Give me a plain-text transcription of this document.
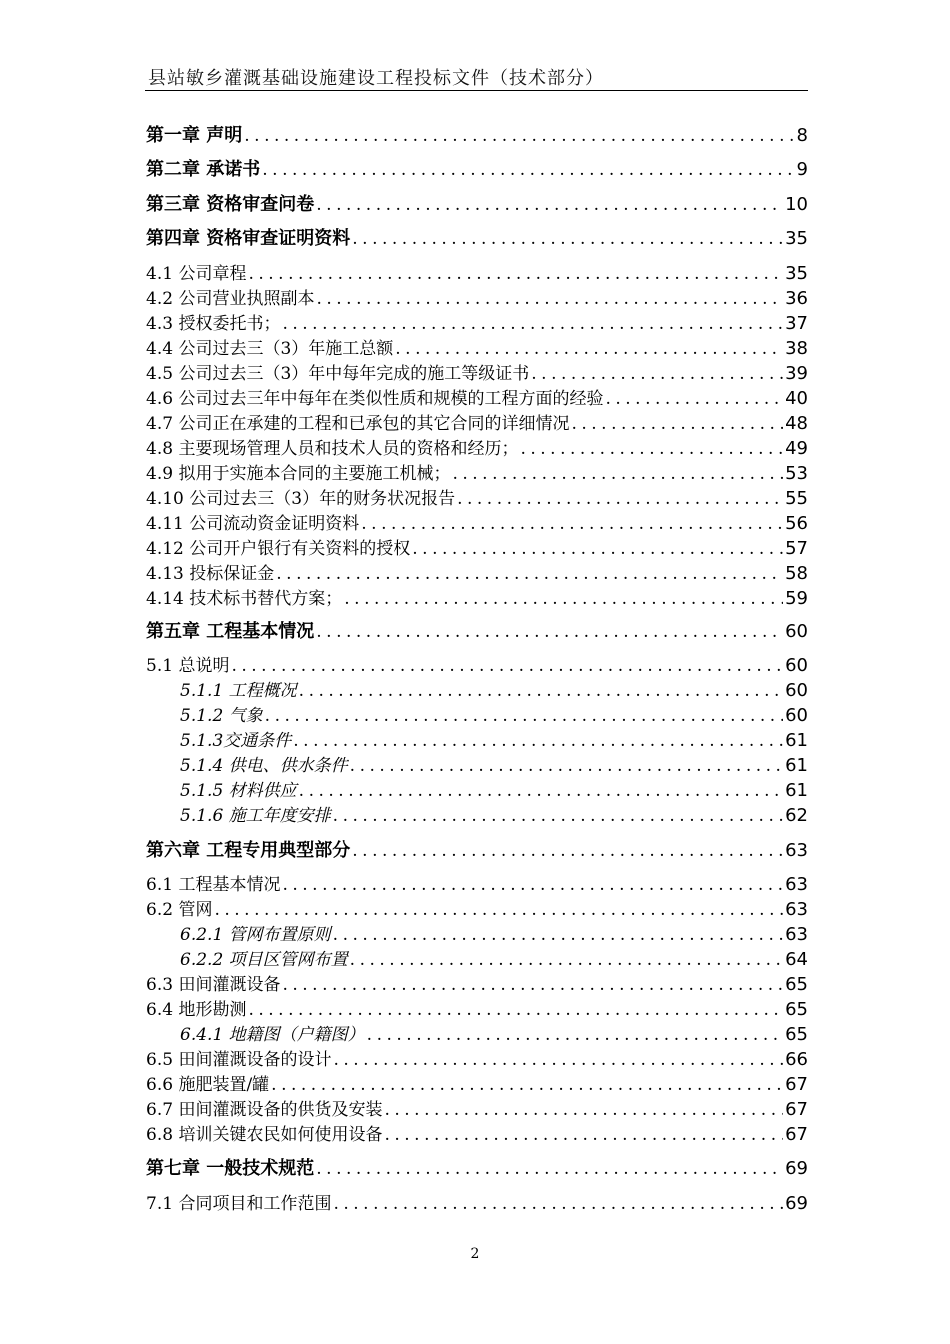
县站敏乡灌溉基础设施建设工程投标文件（技术部分）
第一章 声明 .....	8
第二章 承诺书 .....	9
第三章 资格审查问卷 .....	10
第四章 资格审查证明资料 .....	35
4.1 公司章程 .....	35
4.2 公司营业执照副本 .....	36
4.3 授权委托书； .....	37
4.4 公司过去三（3）年施工总额 .....	38
4.5 公司过去三（3）年中每年完成的施工等级证书 .....	39
4.6 公司过去三年中每年在类似性质和规模的工程方面的经验 .....	40
4.7 公司正在承建的工程和已承包的其它合同的详细情况 .....	48
4.8 主要现场管理人员和技术人员的资格和经历； .....	49
4.9 拟用于实施本合同的主要施工机械； .....	53
4.10 公司过去三（3）年的财务状况报告 .....	55
4.11 公司流动资金证明资料 .....	56
4.12 公司开户银行有关资料的授权 .....	57
4.13 投标保证金 .....	58
4.14 技术标书替代方案； .....	59
第五章 工程基本情况 .....	60
5.1 总说明 .....	60
5.1.1 工程概况 .....	60
5.1.2 气象 .....	60
5.1.3交通条件 .....	61
5.1.4 供电、供水条件 .....	61
5.1.5 材料供应 .....	61
5.1.6 施工年度安排 .....	62
第六章 工程专用典型部分 .....	63
6.1 工程基本情况 .....	63
6.2 管网 .....	63
6.2.1 管网布置原则 .....	63
6.2.2 项目区管网布置 .....	64
6.3 田间灌溉设备 .....	65
6.4 地形勘测 .....	65
6.4.1 地籍图（户籍图） .....	65
6.5 田间灌溉设备的设计 .....	66
6.6 施肥装置/罐 .....	67
6.7 田间灌溉设备的供货及安装 .....	67
6.8 培训关键农民如何使用设备 .....	67
第七章 一般技术规范 .....	69
7.1 合同项目和工作范围 .....	69
2
